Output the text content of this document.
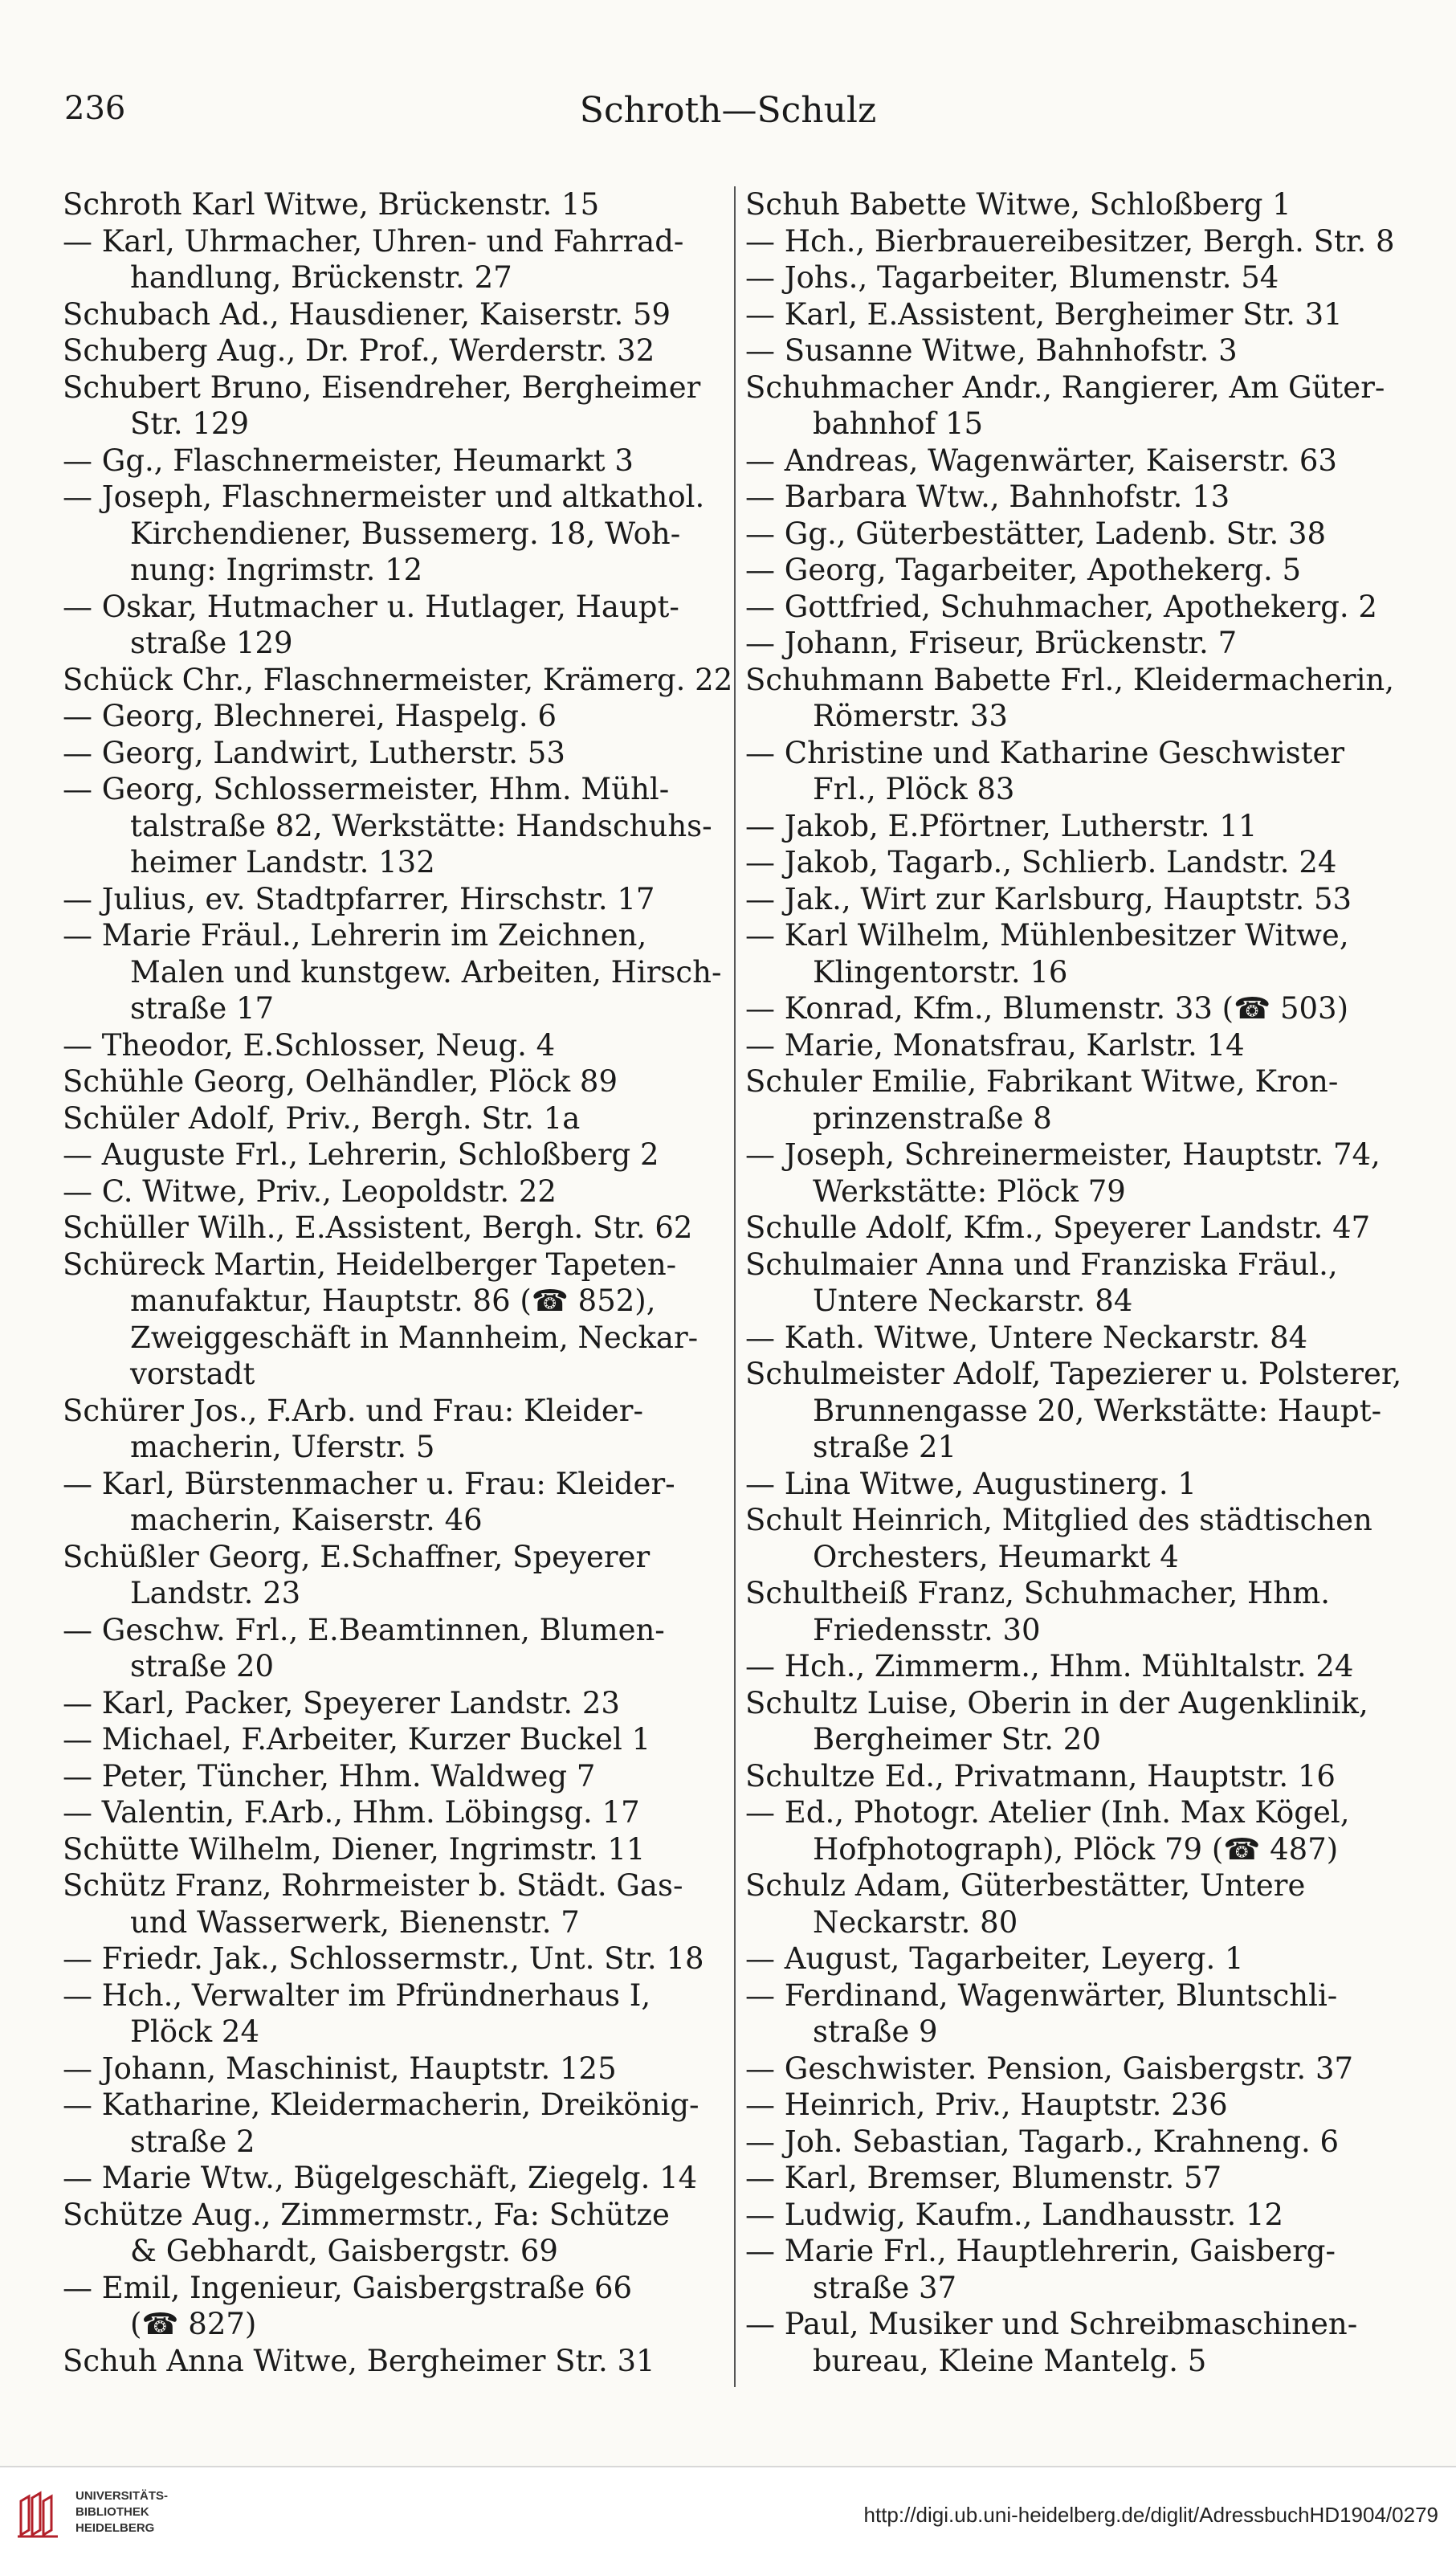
236	Schroth—Schulz
Schroth Karl Witwe, Brückenstr. 15
— Karl, Uhrmacher, Uhren- und Fahrrad-
handlung, Brückenstr. 27
Schubach Ad., Hausdiener, Kaiserstr. 59
Schuberg Aug., Dr. Prof., Werderstr. 32
Schubert Bruno, Eisendreher, Bergheimer
Str. 129
— Gg., Flaschnermeister, Heumarkt 3
— Joseph, Flaschnermeister und altkathol.
Kirchendiener, Bussemerg. 18, Woh-
nung: Ingrimstr. 12
— Oskar, Hutmacher u. Hutlager, Haupt-
straße 129
Schück Chr., Flaschnermeister, Krämerg. 22
— Georg, Blechnerei, Haspelg. 6
— Georg, Landwirt, Lutherstr. 53
— Georg, Schlossermeister, Hhm. Mühl-
talstraße 82, Werkstätte: Handschuhs-
heimer Landstr. 132
— Julius, ev. Stadtpfarrer, Hirschstr. 17
— Marie Fräul., Lehrerin im Zeichnen,
Malen und kunstgew. Arbeiten, Hirsch-
straße 17
— Theodor, E.Schlosser, Neug. 4
Schühle Georg, Oelhändler, Plöck 89
Schüler Adolf, Priv., Bergh. Str. 1a
— Auguste Frl., Lehrerin, Schloßberg 2
— C. Witwe, Priv., Leopoldstr. 22
Schüller Wilh., E.Assistent, Bergh. Str. 62
Schüreck Martin, Heidelberger Tapeten-
manufaktur, Hauptstr. 86 (☎ 852),
Zweiggeschäft in Mannheim, Neckar-
vorstadt
Schürer Jos., F.Arb. und Frau: Kleider-
macherin, Uferstr. 5
— Karl, Bürstenmacher u. Frau: Kleider-
macherin, Kaiserstr. 46
Schüßler Georg, E.Schaffner, Speyerer
Landstr. 23
— Geschw. Frl., E.Beamtinnen, Blumen-
straße 20
— Karl, Packer, Speyerer Landstr. 23
— Michael, F.Arbeiter, Kurzer Buckel 1
— Peter, Tüncher, Hhm. Waldweg 7
— Valentin, F.Arb., Hhm. Löbingsg. 17
Schütte Wilhelm, Diener, Ingrimstr. 11
Schütz Franz, Rohrmeister b. Städt. Gas-
und Wasserwerk, Bienenstr. 7
— Friedr. Jak., Schlossermstr., Unt. Str. 18
— Hch., Verwalter im Pfründnerhaus I,
Plöck 24
— Johann, Maschinist, Hauptstr. 125
— Katharine, Kleidermacherin, Dreikönig-
straße 2
— Marie Wtw., Bügelgeschäft, Ziegelg. 14
Schütze Aug., Zimmermstr., Fa: Schütze
& Gebhardt, Gaisbergstr. 69
— Emil, Ingenieur, Gaisbergstraße 66
(☎ 827)
Schuh Anna Witwe, Bergheimer Str. 31
Schuh Babette Witwe, Schloßberg 1
— Hch., Bierbrauereibesitzer, Bergh. Str. 8
— Johs., Tagarbeiter, Blumenstr. 54
— Karl, E.Assistent, Bergheimer Str. 31
— Susanne Witwe, Bahnhofstr. 3
Schuhmacher Andr., Rangierer, Am Güter-
bahnhof 15
— Andreas, Wagenwärter, Kaiserstr. 63
— Barbara Wtw., Bahnhofstr. 13
— Gg., Güterbestätter, Ladenb. Str. 38
— Georg, Tagarbeiter, Apothekerg. 5
— Gottfried, Schuhmacher, Apothekerg. 2
— Johann, Friseur, Brückenstr. 7
Schuhmann Babette Frl., Kleidermacherin,
Römerstr. 33
— Christine und Katharine Geschwister
Frl., Plöck 83
— Jakob, E.Pförtner, Lutherstr. 11
— Jakob, Tagarb., Schlierb. Landstr. 24
— Jak., Wirt zur Karlsburg, Hauptstr. 53
— Karl Wilhelm, Mühlenbesitzer Witwe,
Klingentorstr. 16
— Konrad, Kfm., Blumenstr. 33 (☎ 503)
— Marie, Monatsfrau, Karlstr. 14
Schuler Emilie, Fabrikant Witwe, Kron-
prinzenstraße 8
— Joseph, Schreinermeister, Hauptstr. 74,
Werkstätte: Plöck 79
Schulle Adolf, Kfm., Speyerer Landstr. 47
Schulmaier Anna und Franziska Fräul.,
Untere Neckarstr. 84
— Kath. Witwe, Untere Neckarstr. 84
Schulmeister Adolf, Tapezierer u. Polsterer,
Brunnengasse 20, Werkstätte: Haupt-
straße 21
— Lina Witwe, Augustinerg. 1
Schult Heinrich, Mitglied des städtischen
Orchesters, Heumarkt 4
Schultheiß Franz, Schuhmacher, Hhm.
Friedensstr. 30
— Hch., Zimmerm., Hhm. Mühltalstr. 24
Schultz Luise, Oberin in der Augenklinik,
Bergheimer Str. 20
Schultze Ed., Privatmann, Hauptstr. 16
— Ed., Photogr. Atelier (Inh. Max Kögel,
Hofphotograph), Plöck 79 (☎ 487)
Schulz Adam, Güterbestätter, Untere
Neckarstr. 80
— August, Tagarbeiter, Leyerg. 1
— Ferdinand, Wagenwärter, Bluntschli-
straße 9
— Geschwister. Pension, Gaisbergstr. 37
— Heinrich, Priv., Hauptstr. 236
— Joh. Sebastian, Tagarb., Krahneng. 6
— Karl, Bremser, Blumenstr. 57
— Ludwig, Kaufm., Landhausstr. 12
— Marie Frl., Hauptlehrerin, Gaisberg-
straße 37
— Paul, Musiker und Schreibmaschinen-
bureau, Kleine Mantelg. 5
UNIVERSITÄTS-
BIBLIOTHEK
HEIDELBERG
http://digi.ub.uni-heidelberg.de/diglit/AdressbuchHD1904/0279
